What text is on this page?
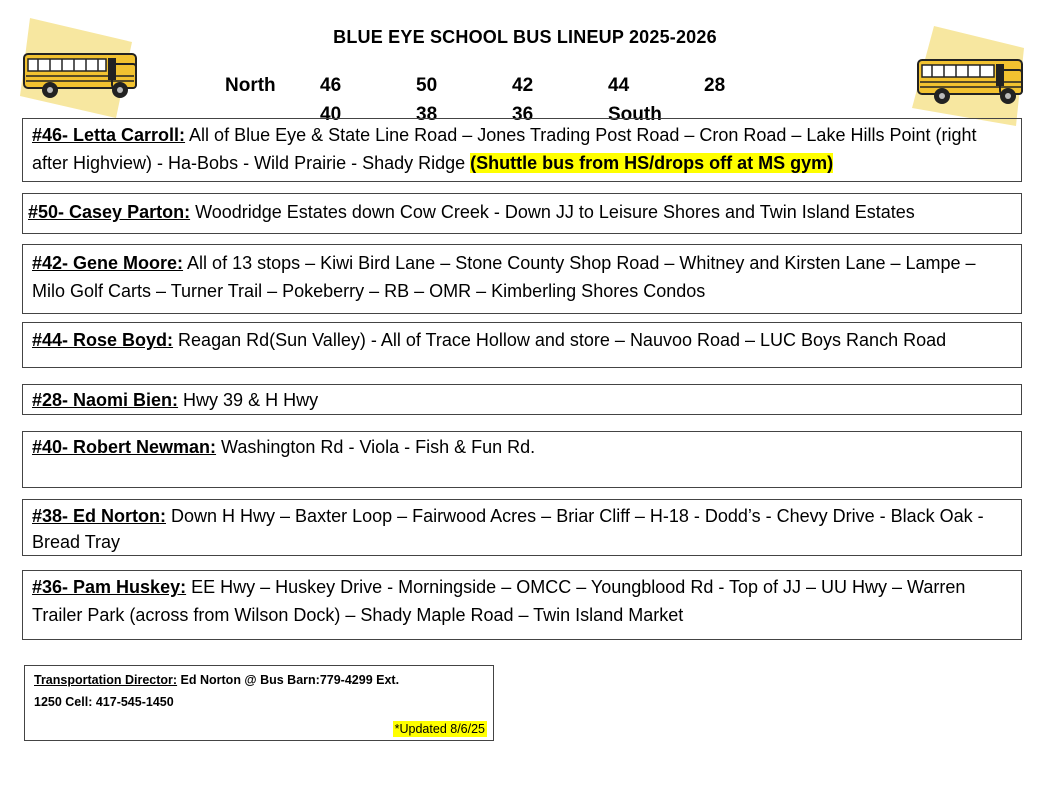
BLUE EYE SCHOOL BUS LINEUP 2025-2026
North 46	50	42	44	28
40	38	36	South
#46- Letta Carroll: All of Blue Eye & State Line Road – Jones Trading Post Road – Cron Road – Lake Hills Point (right after Highview) - Ha-Bobs - Wild Prairie - Shady Ridge (Shuttle bus from HS/drops off at MS gym)
#50- Casey Parton: Woodridge Estates down Cow Creek - Down JJ to Leisure Shores and Twin Island Estates
#42- Gene Moore: All of 13 stops – Kiwi Bird Lane – Stone County Shop Road – Whitney and Kirsten Lane – Lampe – Milo Golf Carts – Turner Trail – Pokeberry – RB – OMR – Kimberling Shores Condos
#44- Rose Boyd: Reagan Rd(Sun Valley) - All of Trace Hollow and store – Nauvoo Road – LUC Boys Ranch Road
#28- Naomi Bien: Hwy 39 & H Hwy
#40- Robert Newman: Washington Rd - Viola - Fish & Fun Rd.
#38- Ed Norton: Down H Hwy – Baxter Loop – Fairwood Acres – Briar Cliff – H-18 - Dodd’s - Chevy Drive - Black Oak - Bread Tray
#36- Pam Huskey: EE Hwy – Huskey Drive - Morningside – OMCC – Youngblood Rd - Top of JJ – UU Hwy – Warren Trailer Park (across from Wilson Dock) – Shady Maple Road – Twin Island Market
Transportation Director: Ed Norton @ Bus Barn:779-4299 Ext.
1250 Cell: 417-545-1450
*Updated 8/6/25
